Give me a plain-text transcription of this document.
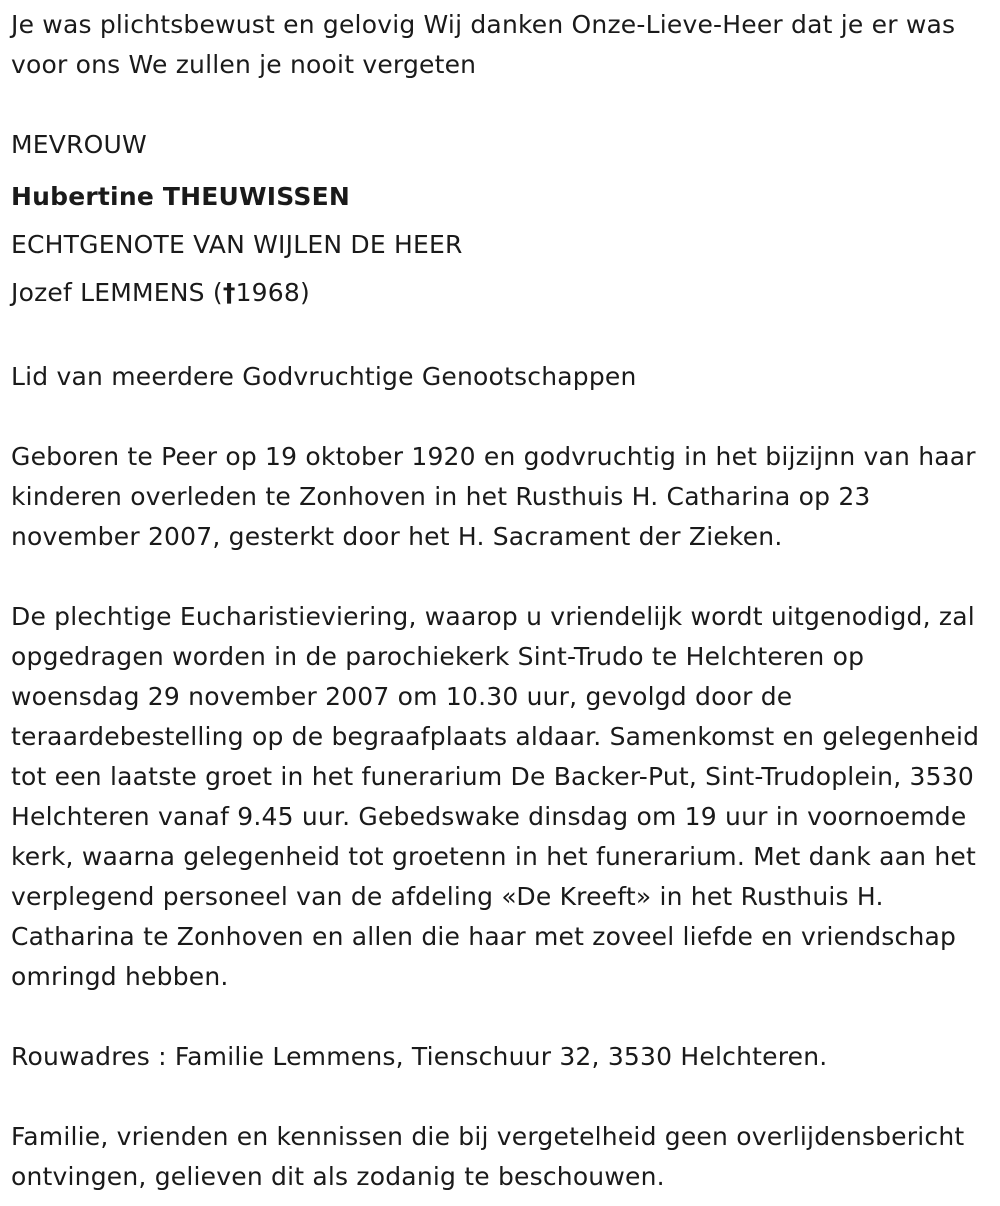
Je was plichtsbewust en gelovig Wij danken Onze-Lieve-Heer dat je er was voor ons We zullen je nooit vergeten

MEVROUW
Hubertine THEUWISSEN
ECHTGENOTE VAN WIJLEN DE HEER
Jozef LEMMENS (†1968)

Lid van meerdere Godvruchtige Genootschappen

Geboren te Peer op 19 oktober 1920 en godvruchtig in het bijzijnn van haar kinderen overleden te Zonhoven in het Rusthuis H. Catharina op 23 november 2007, gesterkt door het H. Sacrament der Zieken.

De plechtige Eucharistieviering, waarop u vriendelijk wordt uitgenodigd, zal opgedragen worden in de parochiekerk Sint-Trudo te Helchteren op woensdag 29 november 2007 om 10.30 uur, gevolgd door de teraardebestelling op de begraafplaats aldaar. Samenkomst en gelegenheid tot een laatste groet in het funerarium De Backer-Put, Sint-Trudoplein, 3530 Helchteren vanaf 9.45 uur. Gebedswake dinsdag om 19 uur in voornoemde kerk, waarna gelegenheid tot groetenn in het funerarium. Met dank aan het verplegend personeel van de afdeling «De Kreeft» in het Rusthuis H. Catharina te Zonhoven en allen die haar met zoveel liefde en vriendschap omringd hebben.

Rouwadres : Familie Lemmens, Tienschuur 32, 3530 Helchteren.

Familie, vrienden en kennissen die bij vergetelheid geen overlijdensbericht ontvingen, gelieven dit als zodanig te beschouwen.
